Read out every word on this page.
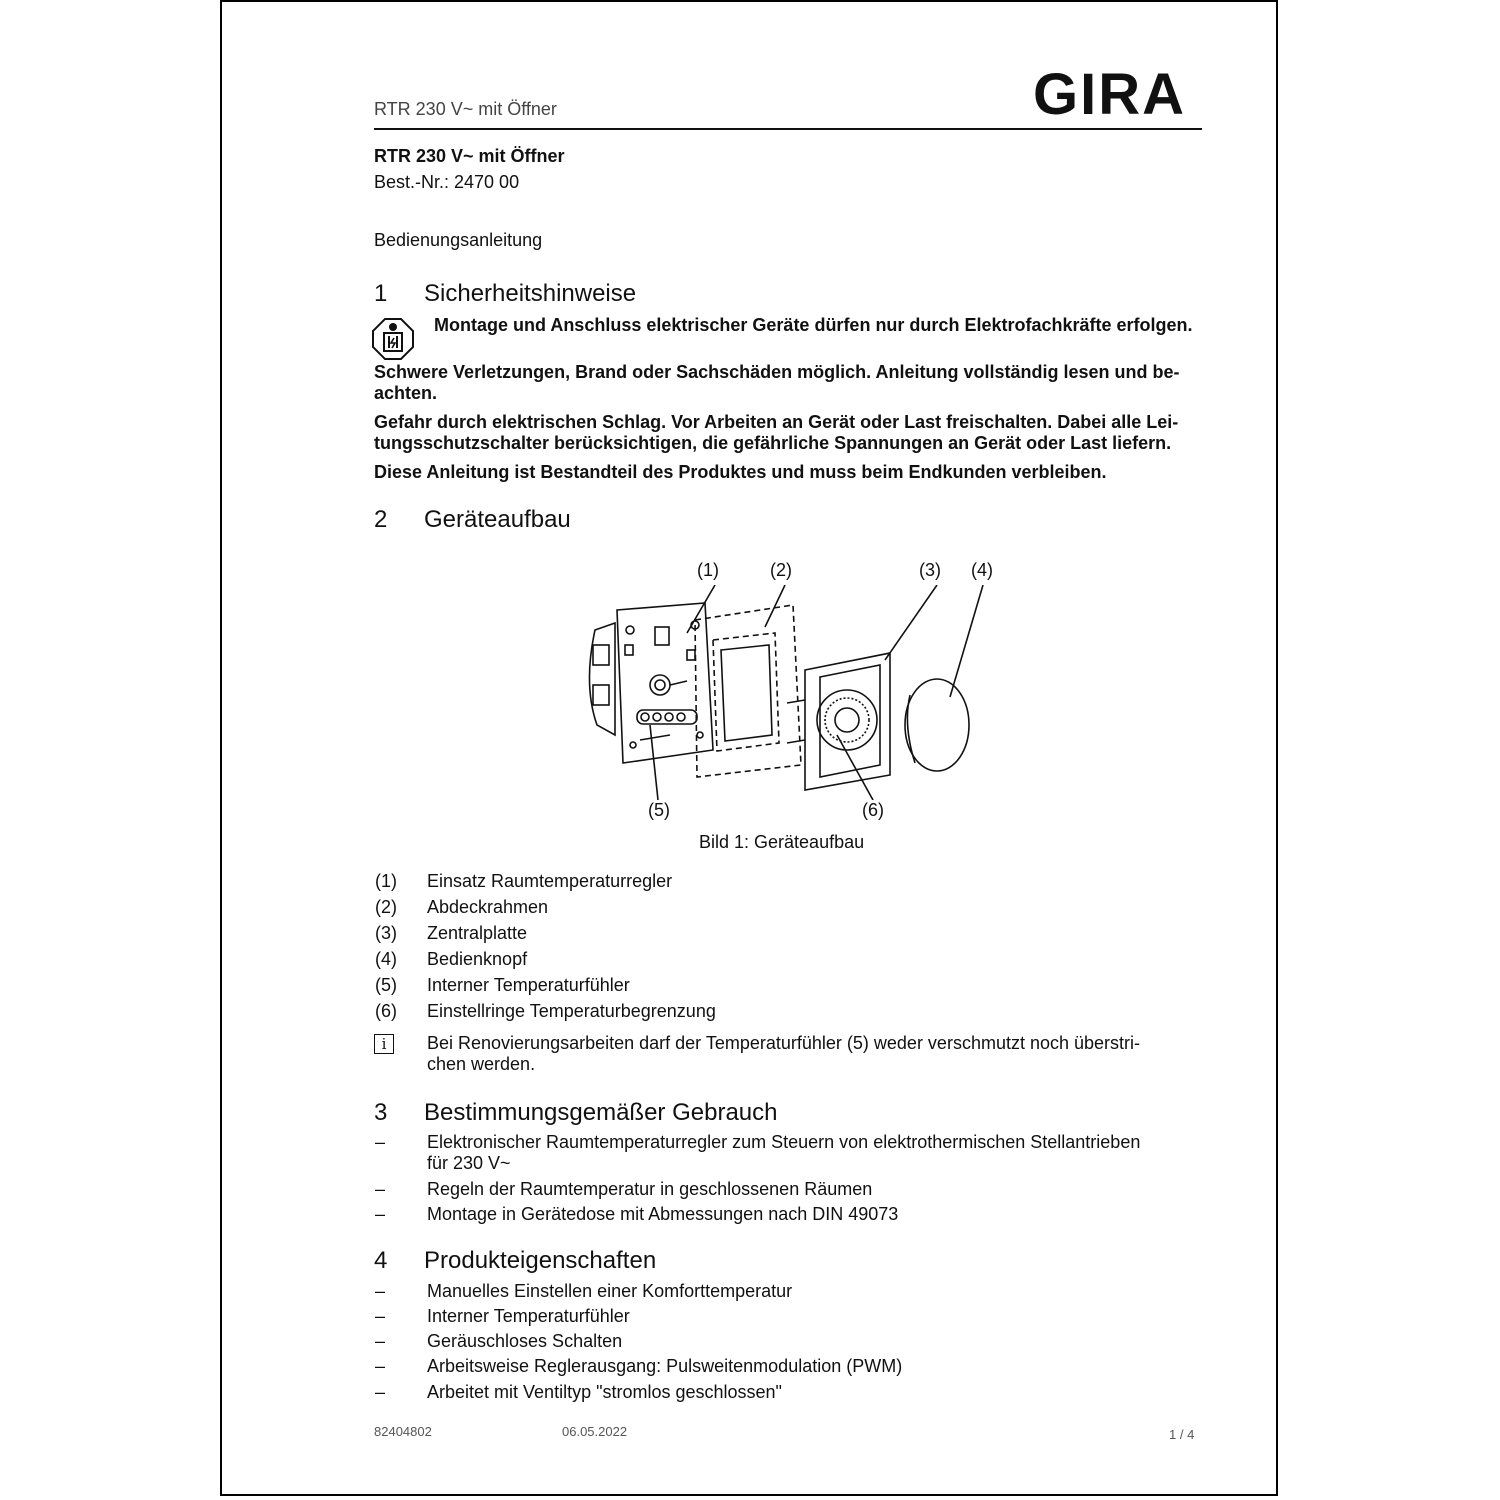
RTR 230 V~ mit Öffner	GIRA
RTR 230 V~ mit Öffner
Best.-Nr.: 2470 00
Bedienungsanleitung
1 Sicherheitshinweise
Montage und Anschluss elektrischer Geräte dürfen nur durch Elektrofachkräfte erfolgen.
Schwere Verletzungen, Brand oder Sachschäden möglich. Anleitung vollständig lesen und be-
achten.
Gefahr durch elektrischen Schlag. Vor Arbeiten an Gerät oder Last freischalten. Dabei alle Lei-
tungsschutzschalter berücksichtigen, die gefährliche Spannungen an Gerät oder Last liefern.
Diese Anleitung ist Bestandteil des Produktes und muss beim Endkunden verbleiben.
2 Geräteaufbau
(1)	(2)	(3) (4)
(5)	(6)
Bild 1: Geräteaufbau
(1) Einsatz Raumtemperaturregler
(2) Abdeckrahmen
(3) Zentralplatte
(4) Bedienknopf
(5) Interner Temperaturfühler
(6) Einstellringe Temperaturbegrenzung
i	Bei Renovierungsarbeiten darf der Temperaturfühler (5) weder verschmutzt noch überstri-
chen werden.
3 Bestimmungsgemäßer Gebrauch
– Elektronischer Raumtemperaturregler zum Steuern von elektrothermischen Stellantrieben
für 230 V~
– Regeln der Raumtemperatur in geschlossenen Räumen
– Montage in Gerätedose mit Abmessungen nach DIN 49073
4 Produkteigenschaften
– Manuelles Einstellen einer Komforttemperatur
– Interner Temperaturfühler
– Geräuschloses Schalten
– Arbeitsweise Reglerausgang: Pulsweitenmodulation (PWM)
– Arbeitet mit Ventiltyp "stromlos geschlossen"
82404802	06.05.2022	1 / 4
